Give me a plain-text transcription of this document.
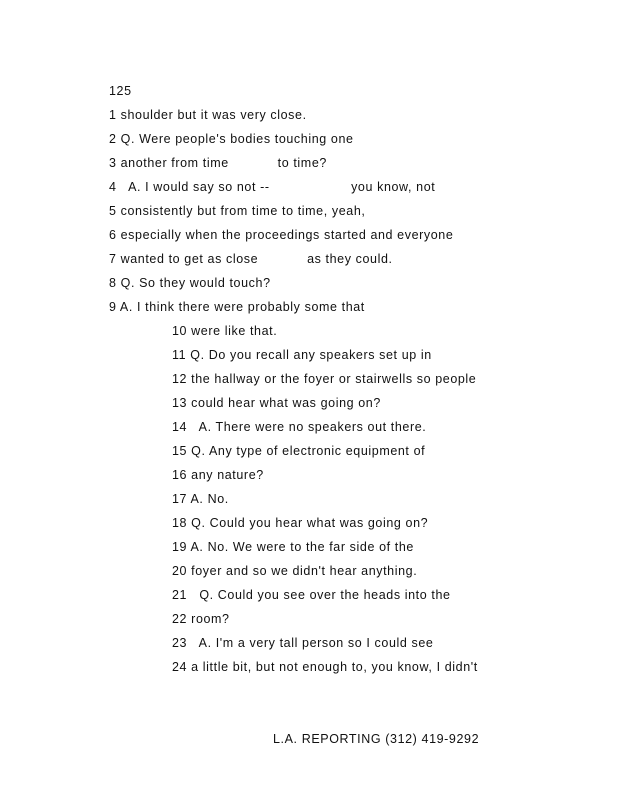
125
1 shoulder but it was very close.
2 Q. Were people's bodies touching one
3 another from time            to time?
4   A. I would say so not --                    you know, not
5 consistently but from time to time, yeah,
6 especially when the proceedings started and everyone
7 wanted to get as close            as they could.
8 Q. So they would touch?
9 A. I think there were probably some that
10 were like that.
11 Q. Do you recall any speakers set up in
12 the hallway or the foyer or stairwells so people
13 could hear what was going on?
14   A. There were no speakers out there.
15 Q. Any type of electronic equipment of
16 any nature?
17 A. No.
18 Q. Could you hear what was going on?
19 A. No. We were to the far side of the
20 foyer and so we didn't hear anything.
21   Q. Could you see over the heads into the
22 room?
23   A. I'm a very tall person so I could see
24 a little bit, but not enough to, you know, I didn't
L.A. REPORTING (312) 419-9292
